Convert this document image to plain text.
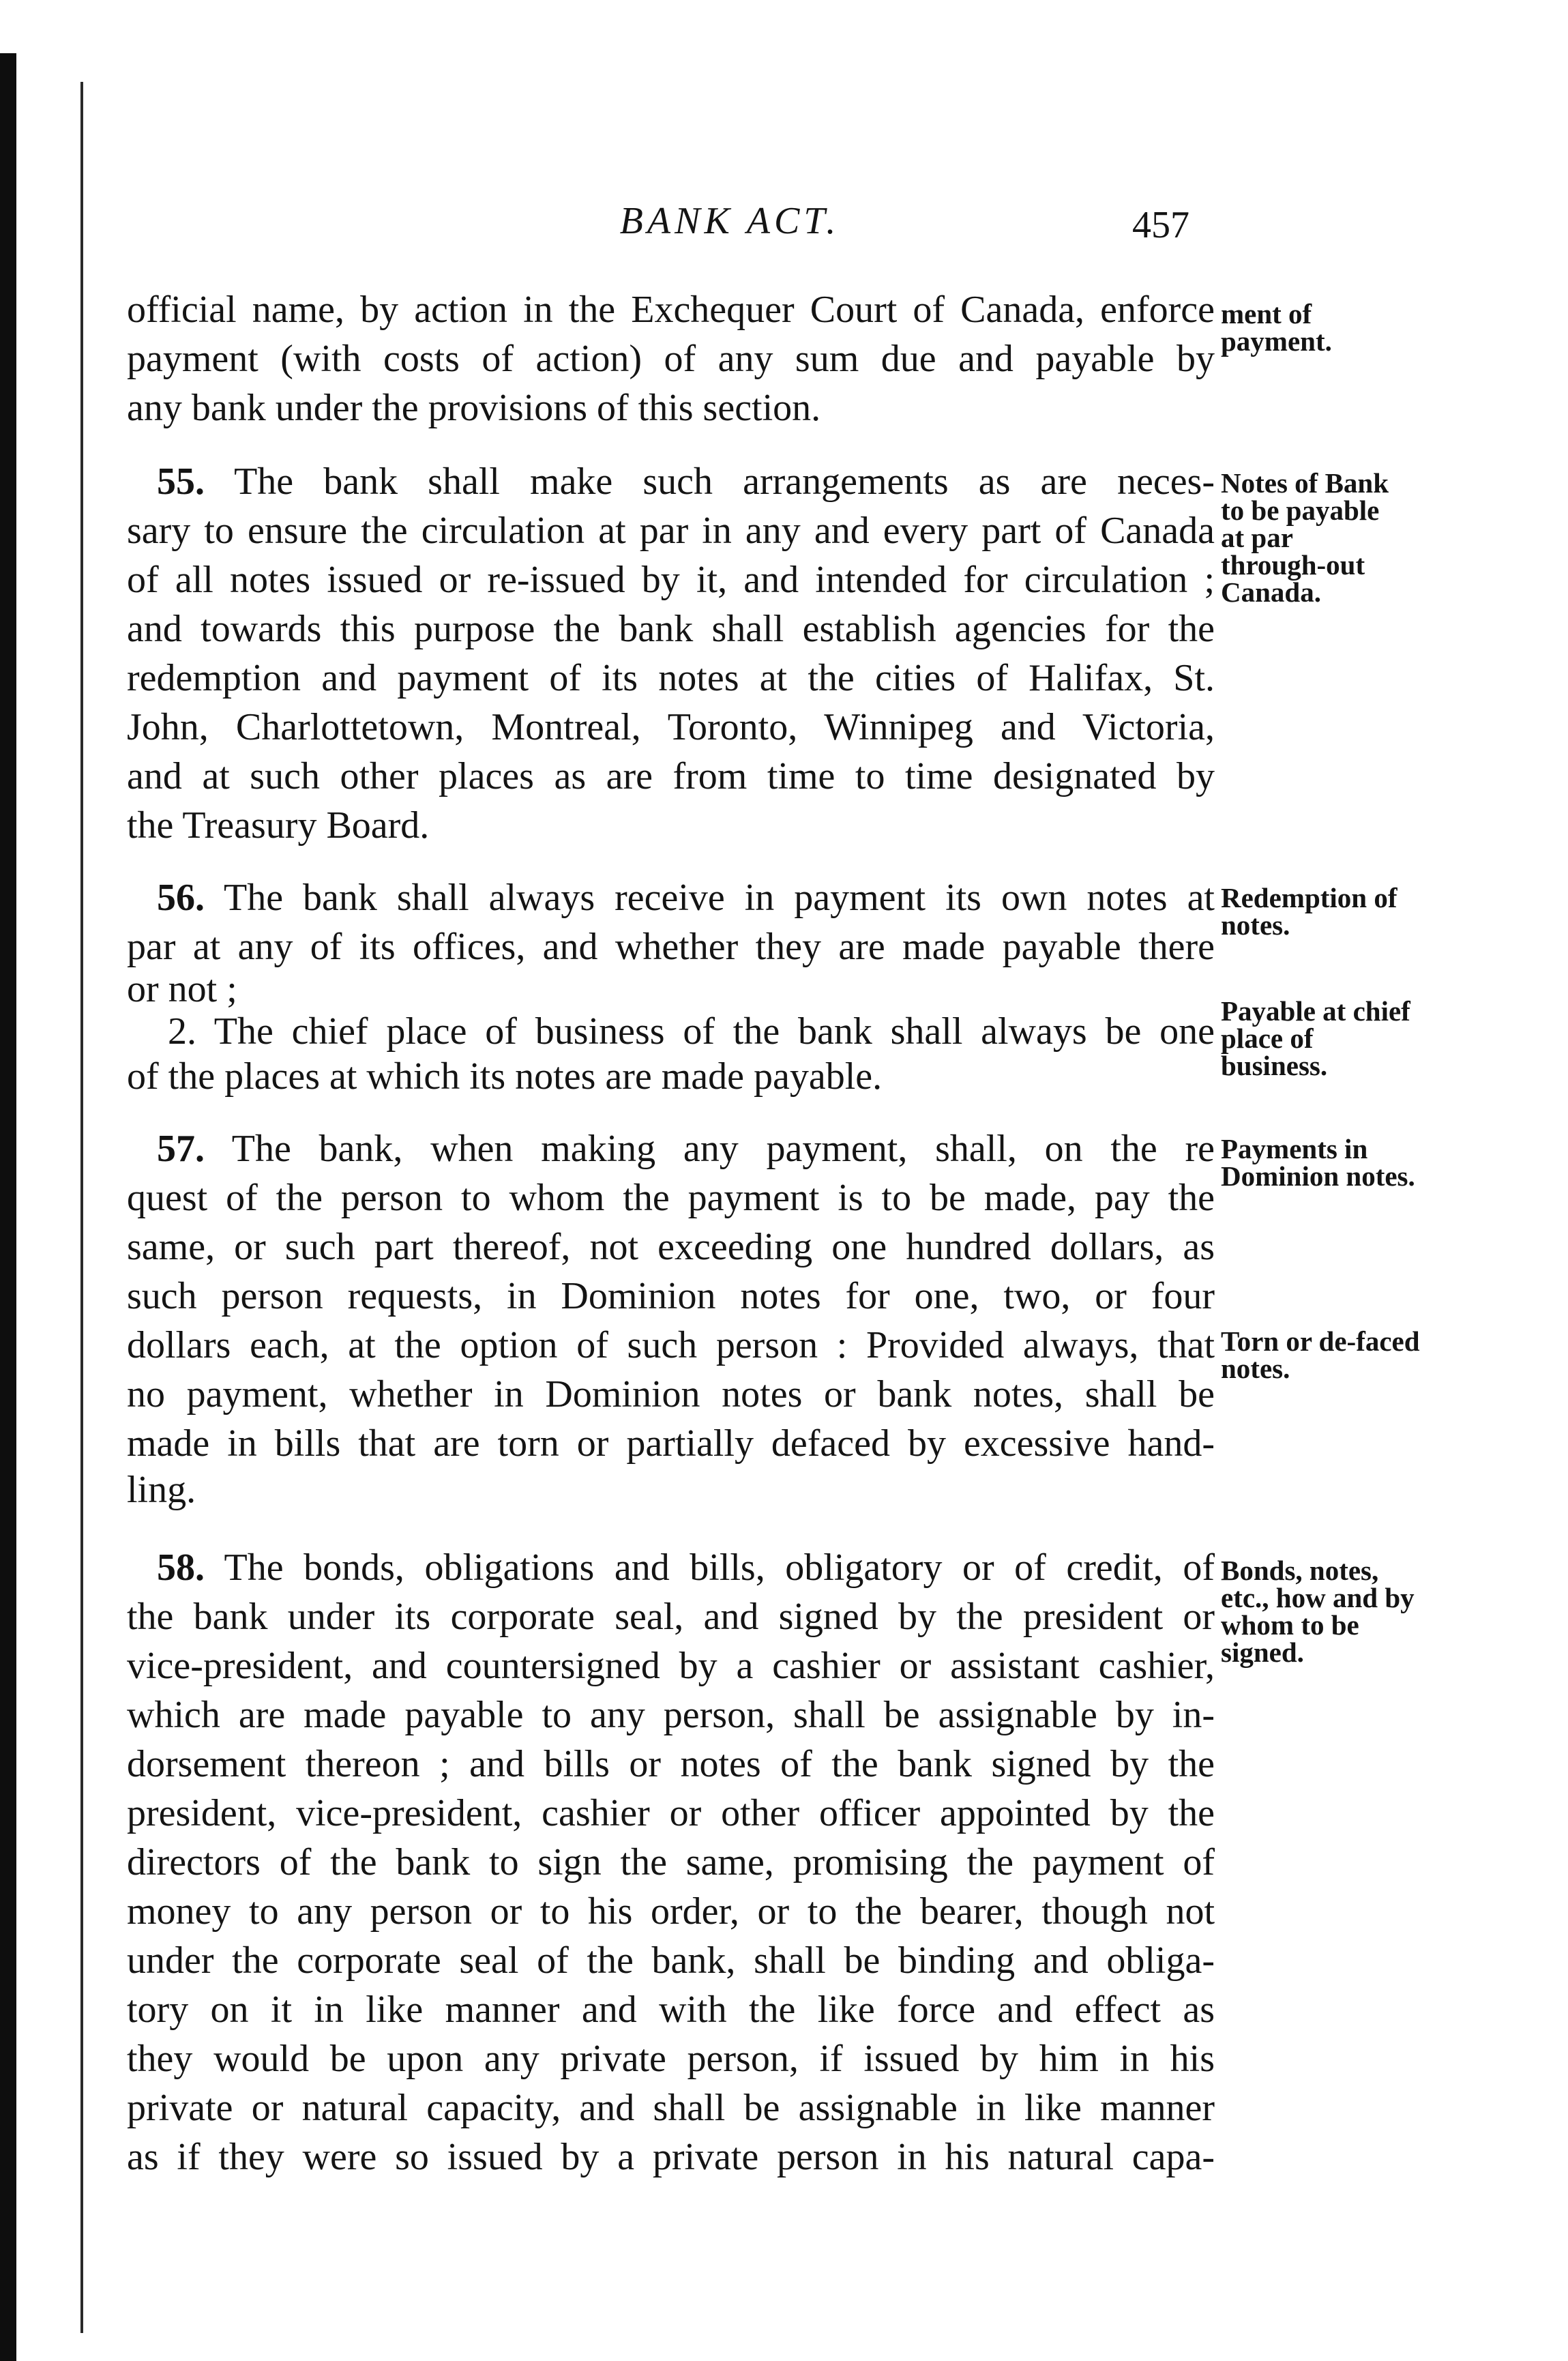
BANK ACT.	457
official name, by action in the Exchequer Court of Canada, enforce
payment (with costs of action) of any sum due and payable by
any bank under the provisions of this section.
55. The bank shall make such arrangements as are neces-
sary to ensure the circulation at par in any and every part of Canada
of all notes issued or re-issued by it, and intended for circulation ;
and towards this purpose the bank shall establish agencies for the
redemption and payment of its notes at the cities of Halifax, St.
John, Charlottetown, Montreal, Toronto, Winnipeg and Victoria,
and at such other places as are from time to time designated by
the Treasury Board.
56. The bank shall always receive in payment its own notes at
par at any of its offices, and whether they are made payable there
or not ;
2. The chief place of business of the bank shall always be one
of the places at which its notes are made payable.
57. The bank, when making any payment, shall, on the re
quest of the person to whom the payment is to be made, pay the
same, or such part thereof, not exceeding one hundred dollars, as
such person requests, in Dominion notes for one, two, or four
dollars each, at the option of such person : Provided always, that
no payment, whether in Dominion notes or bank notes, shall be
made in bills that are torn or partially defaced by excessive hand-
ling.
58. The bonds, obligations and bills, obligatory or of credit, of
the bank under its corporate seal, and signed by the president or
vice-president, and countersigned by a cashier or assistant cashier,
which are made payable to any person, shall be assignable by in-
dorsement thereon ; and bills or notes of the bank signed by the
president, vice-president, cashier or other officer appointed by the
directors of the bank to sign the same, promising the payment of
money to any person or to his order, or to the bearer, though not
under the corporate seal of the bank, shall be binding and obliga-
tory on it in like manner and with the like force and effect as
they would be upon any private person, if issued by him in his
private or natural capacity, and shall be assignable in like manner
as if they were so issued by a private person in his natural capa-
ment of payment.
Notes of Bank to be payable at par through-out Canada.
Redemption of notes.
Payable at chief place of business.
Payments in Dominion notes.
Torn or de-faced notes.
Bonds, notes, etc., how and by whom to be signed.
